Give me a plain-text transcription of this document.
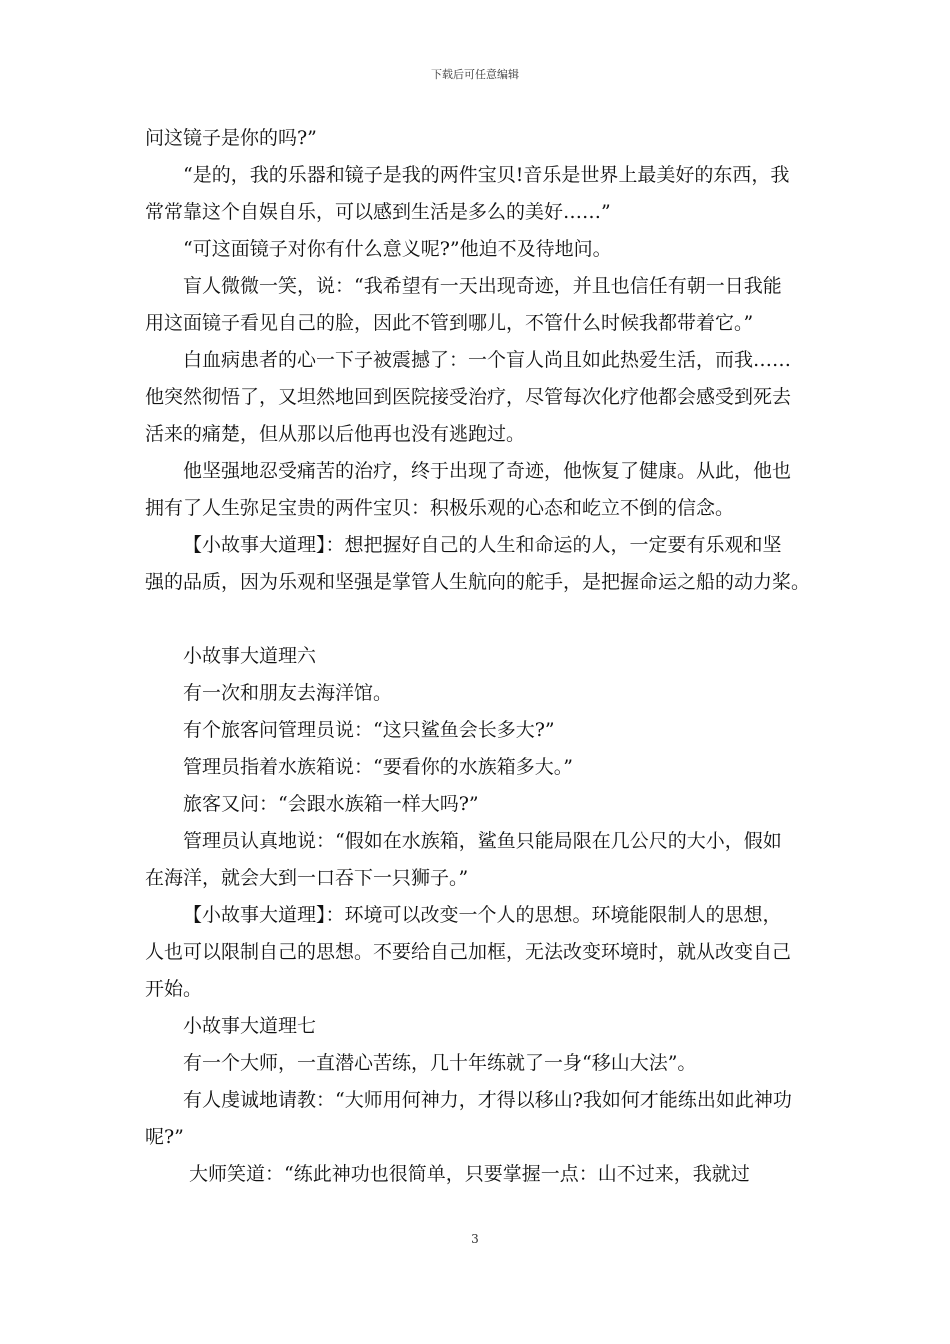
下载后可任意编辑
问这镜子是你的吗?”
“是的，我的乐器和镜子是我的两件宝贝!音乐是世界上最美好的东西，我
常常靠这个自娱自乐，可以感到生活是多么的美好……”
“可这面镜子对你有什么意义呢?”他迫不及待地问。
盲人微微一笑，说：“我希望有一天出现奇迹，并且也信任有朝一日我能
用这面镜子看见自己的脸，因此不管到哪儿，不管什么时候我都带着它。”
白血病患者的心一下子被震撼了：一个盲人尚且如此热爱生活，而我……
他突然彻悟了，又坦然地回到医院接受治疗，尽管每次化疗他都会感受到死去
活来的痛楚，但从那以后他再也没有逃跑过。
他坚强地忍受痛苦的治疗，终于出现了奇迹，他恢复了健康。从此，他也
拥有了人生弥足宝贵的两件宝贝：积极乐观的心态和屹立不倒的信念。
【小故事大道理】：想把握好自己的人生和命运的人，一定要有乐观和坚
强的品质，因为乐观和坚强是掌管人生航向的舵手，是把握命运之船的动力桨。
小故事大道理六
有一次和朋友去海洋馆。
有个旅客问管理员说：“这只鲨鱼会长多大?”
管理员指着水族箱说：“要看你的水族箱多大。”
旅客又问：“会跟水族箱一样大吗?”
管理员认真地说：“假如在水族箱，鲨鱼只能局限在几公尺的大小，假如
在海洋，就会大到一口吞下一只狮子。”
【小故事大道理】：环境可以改变一个人的思想。环境能限制人的思想，
人也可以限制自己的思想。不要给自己加框，无法改变环境时，就从改变自己
开始。
小故事大道理七
有一个大师，一直潜心苦练，几十年练就了一身“移山大法”。
有人虔诚地请教：“大师用何神力，才得以移山?我如何才能练出如此神功
呢?”
大师笑道：“练此神功也很简单，只要掌握一点：山不过来，我就过
3
